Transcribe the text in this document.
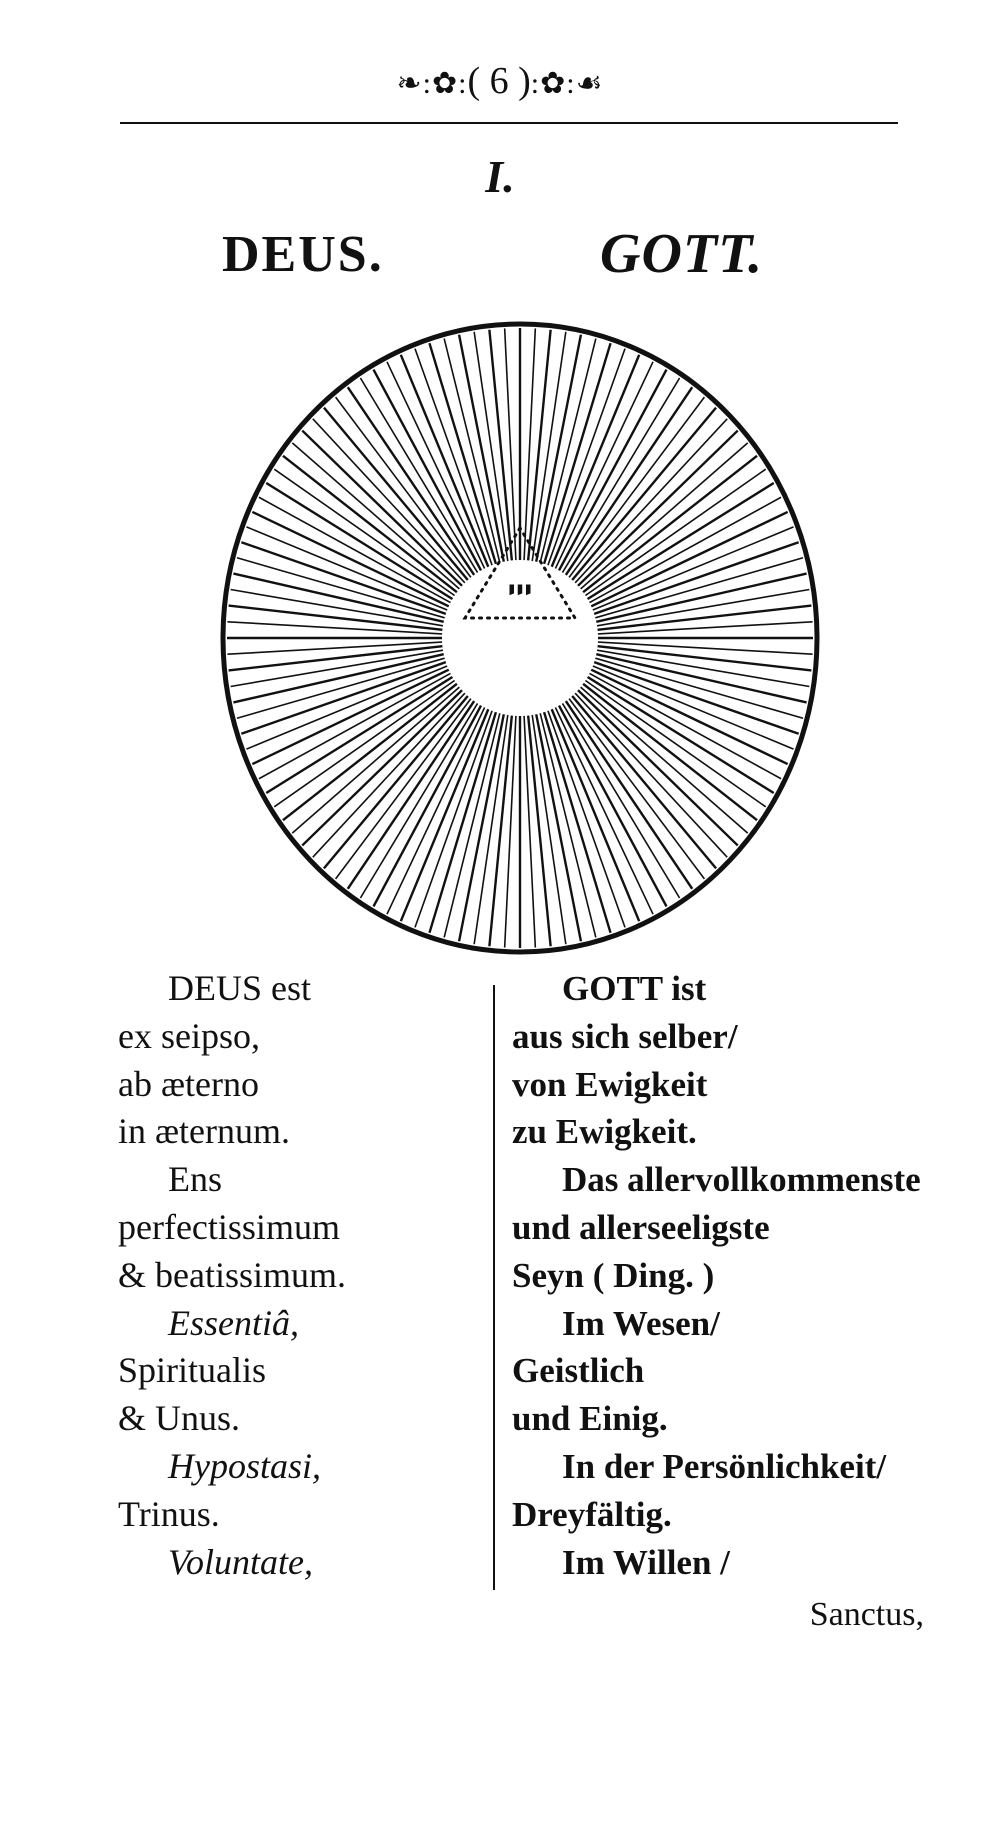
❧:✿:( 6 ):✿:☙
I.
DEUS.	GOTT.
ייי
DEUS est
ex seipso,
ab æterno
in æternum.
Ens
perfectissimum
& beatissimum.
Essentiâ,
Spiritualis
& Unus.
Hypostasi,
Trinus.
Voluntate,
GOTT ist
aus sich selber/
von Ewigkeit
zu Ewigkeit.
Das allervollkommenste
und allerseeligste
Seyn ( Ding. )
Im Wesen/
Geistlich
und Einig.
In der Persönlichkeit/
Dreyfältig.
Im Willen /
Sanctus,
